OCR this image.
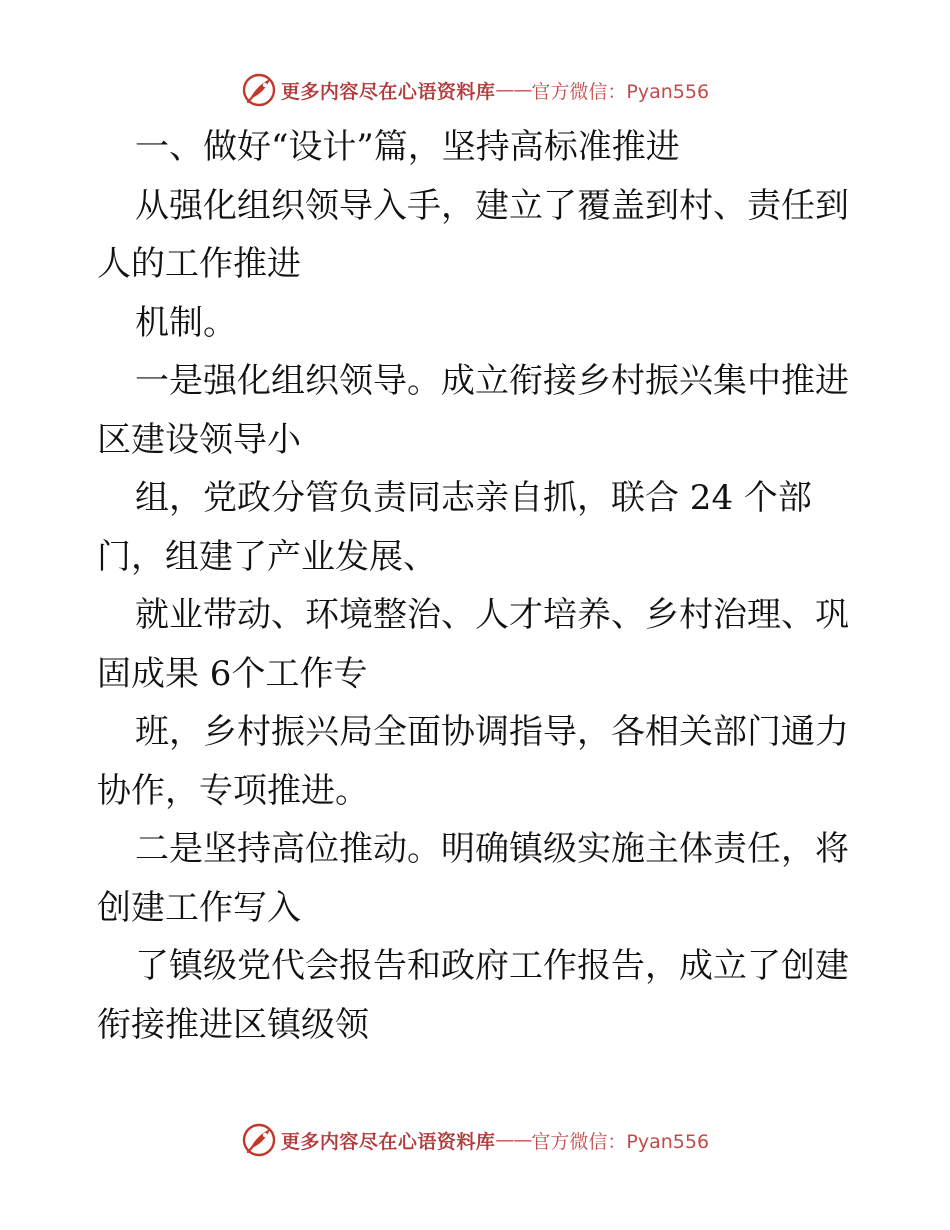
更多内容尽在心语资料库 —— 官方微信：Pyan556
一、做好“设计”篇，坚持高标准推进
从强化组织领导入手，建立了覆盖到村、责任到
人的工作推进
机制。
一是强化组织领导。成立衔接乡村振兴集中推进
区建设领导小
组，党政分管负责同志亲自抓，联合 24 个部
门，组建了产业发展、
就业带动、环境整治、人才培养、乡村治理、巩
固成果 6个工作专
班，乡村振兴局全面协调指导，各相关部门通力
协作，专项推进。
二是坚持高位推动。明确镇级实施主体责任，将
创建工作写入
了镇级党代会报告和政府工作报告，成立了创建
衔接推进区镇级领
更多内容尽在心语资料库 —— 官方微信：Pyan556
